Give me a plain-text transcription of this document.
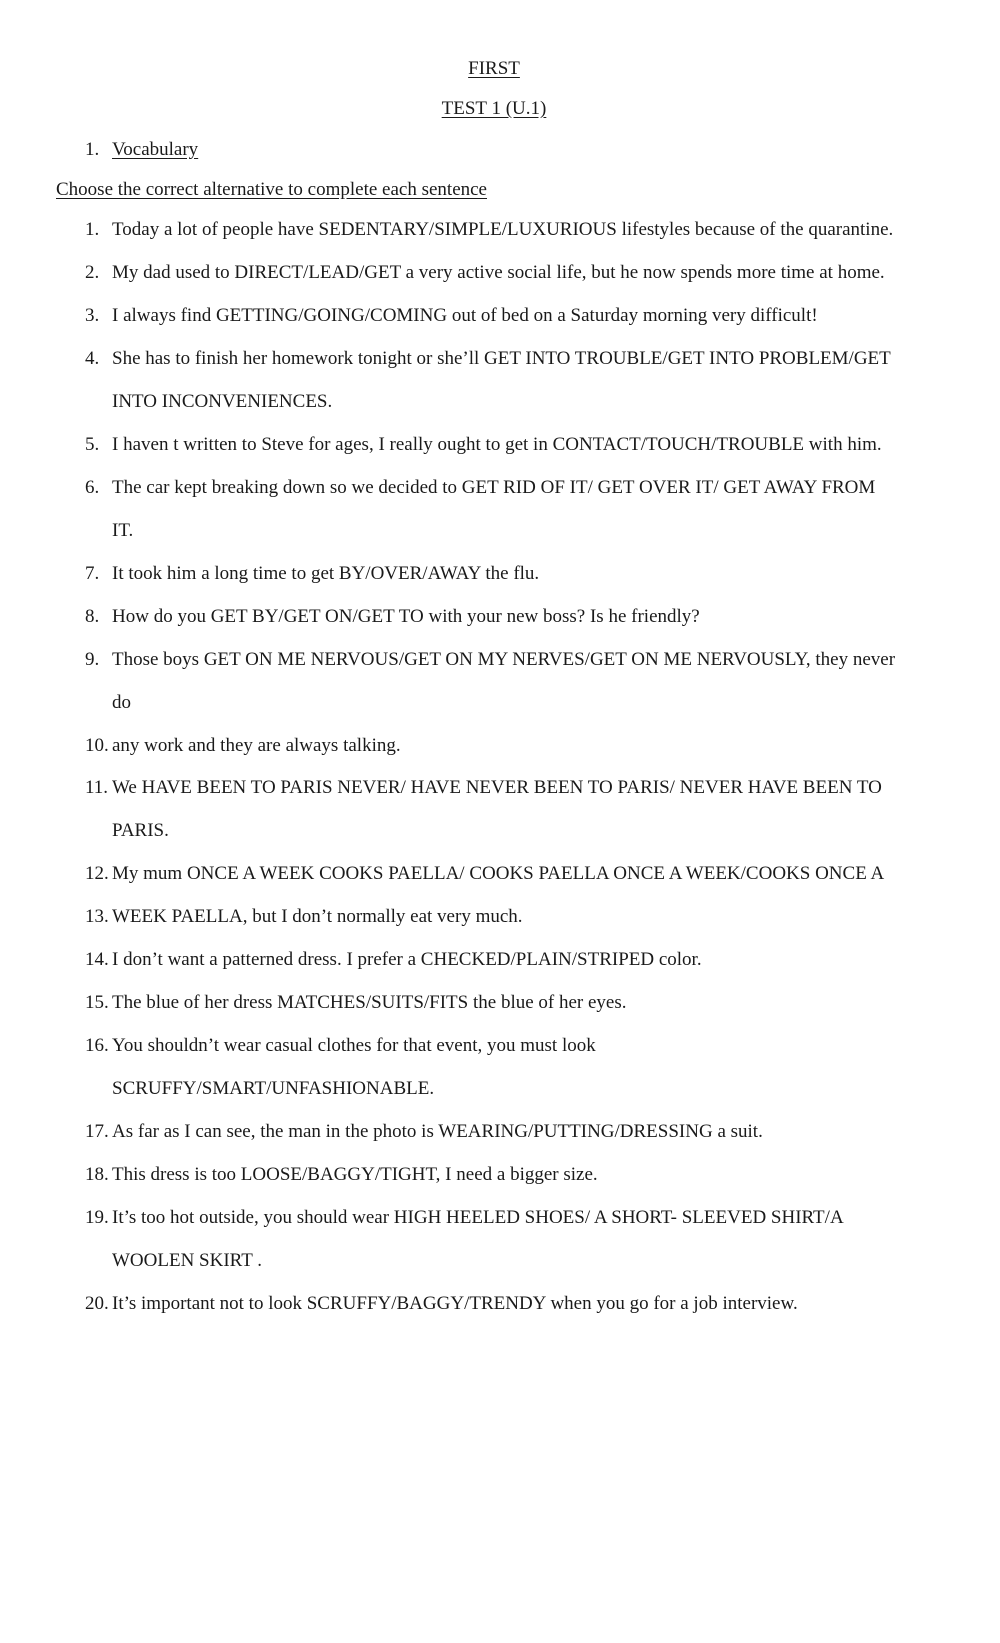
FIRST
TEST 1 (U.1)
1. Vocabulary
Choose the correct alternative to complete each sentence
1. Today a lot of people have SEDENTARY/SIMPLE/LUXURIOUS lifestyles because of the quarantine.
2. My dad used to DIRECT/LEAD/GET a very active social life, but he now spends more time at home.
3. I always find GETTING/GOING/COMING out of bed on a Saturday morning very difficult!
4. She has to finish her homework tonight or she’ll GET INTO TROUBLE/GET INTO PROBLEM/GET
INTO INCONVENIENCES.
5. I haven t written to Steve for ages, I really ought to get in CONTACT/TOUCH/TROUBLE with him.
6. The car kept breaking down so we decided to GET RID OF IT/ GET OVER IT/ GET AWAY FROM
IT.
7. It took him a long time to get BY/OVER/AWAY the flu.
8. How do you GET BY/GET ON/GET TO with your new boss? Is he friendly?
9. Those boys GET ON ME NERVOUS/GET ON MY NERVES/GET ON ME NERVOUSLY, they never
do
10. any work and they are always talking.
11. We HAVE BEEN TO PARIS NEVER/ HAVE NEVER BEEN TO PARIS/ NEVER HAVE BEEN TO
PARIS.
12. My mum ONCE A WEEK COOKS PAELLA/ COOKS PAELLA ONCE A WEEK/COOKS ONCE A
13. WEEK PAELLA, but I don’t normally eat very much.
14. I don’t want a patterned dress. I prefer a CHECKED/PLAIN/STRIPED color.
15. The blue of her dress MATCHES/SUITS/FITS the blue of her eyes.
16. You shouldn’t wear casual clothes for that event, you must look
SCRUFFY/SMART/UNFASHIONABLE.
17. As far as I can see, the man in the photo is WEARING/PUTTING/DRESSING a suit.
18. This dress is too LOOSE/BAGGY/TIGHT, I need a bigger size.
19. It’s too hot outside, you should wear HIGH HEELED SHOES/ A SHORT- SLEEVED SHIRT/A
WOOLEN SKIRT .
20. It’s important not to look SCRUFFY/BAGGY/TRENDY when you go for a job interview.
